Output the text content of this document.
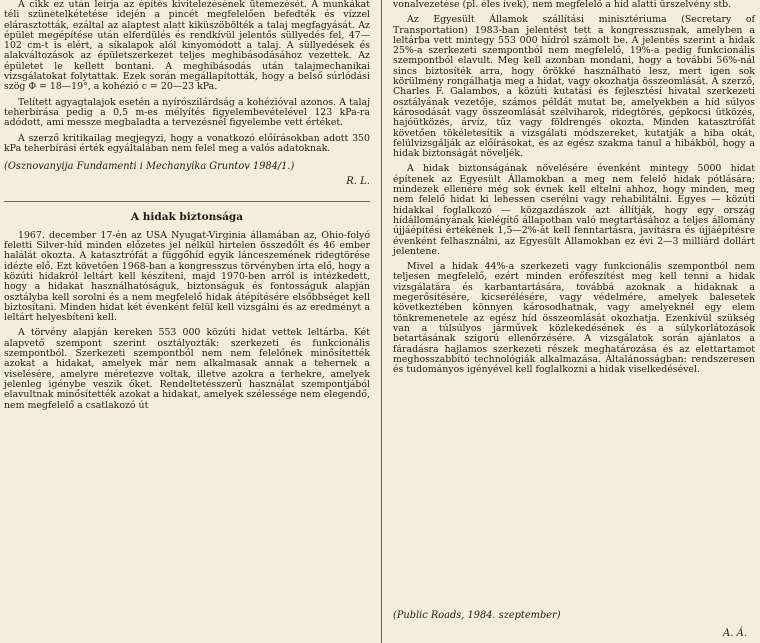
A cikk ez után leírja az építés kivitelezésének ütemezését. A munkákat téli szünetelkétetése idején a pincét megfelelően befedték és vízzel elárasztották, ezáltal az alaptest alatt kiküszöbölték a talaj megfagyását. Az épület megépítése után elferdülés és rendkívül jelentős süllyedés fel, 47—102 cm-t is elért, a síkalapok alól kinyomódott a talaj. A süllyedések és alakváltozások az épületszerkezet teljes meghibásodásához vezettek. Az épületet le kellett bontani. A meghibásodás után talajmechanikai vizsgálatokat folytattak. Ezek során megállapították, hogy a belső súrlódási szög Φ = 18—19°, a kohézió c = 20—23 kPa.

Telített agyagtalajok esetén a nyírószilárdság a kohézióval azonos. A talaj teherbírása pedig a 0,5 m-es mélyítés figyelembevételével 123 kPa-ra adódott, ami messze megbaladta a tervezésnél figyelembe vett értéket.

A szerző kritikailag megjegyzi, hogy a vonatkozó előírásokban adott 350 kPa teherbírási érték egyáltalában nem felel meg a valós adatoknak.

(Osznovanyija Fundamenti i Mechanyika Gruntov 1984/1.)

R. L.

A hidak biztonsága

1967. december 17-én az USA Nyugat-Virginia államában az, Ohio-folyó feletti Silver-híd minden előzetes jel nélkül hirtelen összedőlt és 46 ember halálát okozta. A katasztrófát a függőhíd egyik lánceszemének ridegtörése idézte elő. Ezt követően 1968-ban a kongresszus törvényben írta elő, hogy a közúti hidakról leltárt kell készíteni, majd 1970-ben arról is intézkedett, hogy a hidakat használhatóságuk, biztonságuk és fontosságuk alapján osztályba kell sorolni és a nem megfelelő hidak átépítésére elsőbbséget kell biztosítani. Minden hidat két évenként felül kell vizsgálni és az eredményt a leltárt helyesbíteni kell.

A törvény alapján kereken 553 000 közúti hidat vettek leltárba. Két alapvető szempont szerint osztályozták: szerkezeti és funkcionális szempontból. Szerkezeti szempontból nem nem felelőnek minősítették azokat a hidakat, amelyek már nem alkalmasak annak a tehernek a viselésére, amelyre méretezve voltak, illetve azokra a terhekre, amelyek jelenleg igénybe veszik őket. Rendeltetésszerű használat szempontjából elavultnak minősítették azokat a hidakat, amelyek szélessége nem elegendő, nem megfelelő a csatlakozó út

vonalvezetése (pl. éles ívek), nem megfelelő a híd alatti űrszelvény stb.

Az Egyesült Államok szállítási minisztériuma (Secretary of Transportation) 1983-ban jelentést tett a kongresszusnak, amelyben a leltárba vett mintegy 553 000 hídról számolt be. A jelentés szerint a hidak 25%-a szerkezeti szempontból nem megfelelő, 19%-a pedig funkcionális szempontból elavult. Meg kell azonban mondani, hogy a további 56%-nál sincs biztosíték arra, hogy örökké használható lesz, mert igen sok körülmény rongálhatja meg a hidat, vagy okozhatja összeomlását. A szerző, Charles F. Galambos, a közúti kutatási és fejlesztési hivatal szerkezeti osztályának vezetője, számos példát mutat be, amelyekben a híd súlyos károsodását vagy összeomlását szélviharok, ridegtörés, gépkocsi ütközés, hajóütközés, árvíz, tűz vagy földrengés okozta. Minden katasztrófát követően tökéletesítik a vizsgálati módszereket, kutatják a hiba okát, felülvizsgálják az előírásokat, és az egész szakma tanul a hibákból, hogy a hidak biztonságát növeljék.

A hidak biztonságának növelésére évenként mintegy 5000 hidat építenek az Egyesült Államokban a meg nem felelő hidak pótlására; mindezek ellenére még sok évnek kell eltelni ahhoz, hogy minden, meg nem felelő hidat ki lehessen cserélni vagy rehabilitálni. Egyes — közúti hidakkal foglalkozó — közgazdászok azt állítják, hogy egy ország hídállományának kielégítő állapotban való megtartásához a teljes állomány újjáépítési értékének 1,5—2%-át kell fenntartásra, javításra és újjáépítésre évenként felhasználni, az Egyesült Államokban ez évi 2—3 milliárd dollárt jelentene.

Mivel a hidak 44%-a szerkezeti vagy funkcionális szempontból nem teljesen megfelelő, ezért minden erőfeszítést meg kell tenni a hidak vizsgálatára és karbantartására, továbbá azoknak a hidaknak a megerősítésére, kicserélésére, vagy védelmére, amelyek balesetek következtében könnyen károsodhatnak, vagy amelyeknél egy elem tönkremenetele az egész híd összeomlását okozhatja. Ezenkívül szükség van a túlsúlyos járművek közlekedésének és a súlykorlátozások betartásának szigorú ellenőrzésére. A vizsgálatok során ajánlatos a fáradásra hajlamos szerkezeti részek meghatározása és az elettartamot meghosszabbító technológiák alkalmazása. Általánosságban: rendszeresen és tudományos igényével kell foglalkozni a hidak viselkedésével.

(Public Roads, 1984. szeptember)

A. Á.
